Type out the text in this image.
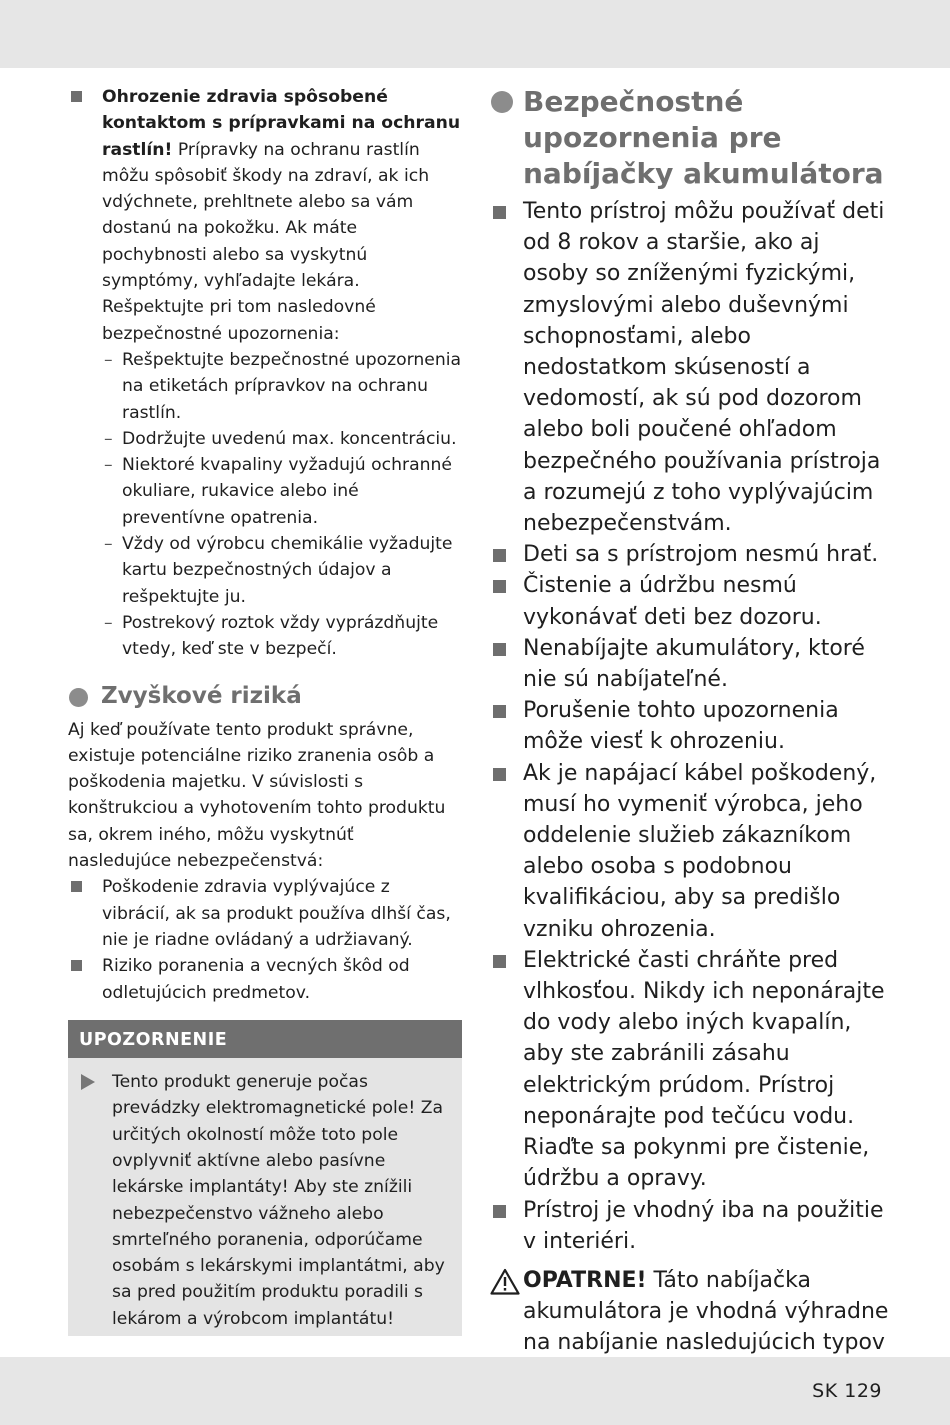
Ohrozenie zdravia spôsobené kontaktom s prípravkami na ochranu rastlín! Prípravky na ochranu rastlín môžu spôsobiť škody na zdraví, ak ich vdýchnete, prehltnete alebo sa vám dostanú na pokožku. Ak máte pochybnosti alebo sa vyskytnú symptómy, vyhľadajte lekára. Rešpektujte pri tom nasledovné bezpečnostné upozornenia:
– Rešpektujte bezpečnostné upozornenia na etiketách prípravkov na ochranu rastlín.
– Dodržujte uvedenú max. koncentráciu.
– Niektoré kvapaliny vyžadujú ochranné okuliare, rukavice alebo iné preventívne opatrenia.
– Vždy od výrobcu chemikálie vyžadujte kartu bezpečnostných údajov a rešpektujte ju.
– Postrekový roztok vždy vyprázdňujte vtedy, keď ste v bezpečí.
Zvyškové riziká
Aj keď používate tento produkt správne, existuje potenciálne riziko zranenia osôb a poškodenia majetku. V súvislosti s konštrukciou a vyhotovením tohto produktu sa, okrem iného, môžu vyskytnúť nasledujúce nebezpečenstvá:
Poškodenie zdravia vyplývajúce z vibrácií, ak sa produkt používa dlhší čas, nie je riadne ovládaný a udržiavaný.
Riziko poranenia a vecných škôd od odletujúcich predmetov.
UPOZORNENIE
Tento produkt generuje počas prevádzky elektromagnetické pole! Za určitých okolností môže toto pole ovplyvniť aktívne alebo pasívne lekárske implantáty! Aby ste znížili nebezpečenstvo vážneho alebo smrteľného poranenia, odporúčame osobám s lekárskymi implantátmi, aby sa pred použitím produktu poradili s lekárom a výrobcom implantátu!
Bezpečnostné upozornenia pre nabíjačky akumulátora
Tento prístroj môžu používať deti od 8 rokov a staršie, ako aj osoby so zníženými fyzickými, zmyslovými alebo duševnými schopnosťami, alebo nedostatkom skúseností a vedomostí, ak sú pod dozorom alebo boli poučené ohľadom bezpečného používania prístroja a rozumejú z toho vyplývajúcim nebezpečenstvám.
Deti sa s prístrojom nesmú hrať.
Čistenie a údržbu nesmú vykonávať deti bez dozoru.
Nenabíjajte akumulátory, ktoré nie sú nabíjateľné.
Porušenie tohto upozornenia môže viesť k ohrozeniu.
Ak je napájací kábel poškodený, musí ho vymeniť výrobca, jeho oddelenie služieb zákazníkom alebo osoba s podobnou kvalifikáciou, aby sa predišlo vzniku ohrozenia.
Elektrické časti chráňte pred vlhkosťou. Nikdy ich neponárajte do vody alebo iných kvapalín, aby ste zabránili zásahu elektrickým prúdom. Prístroj neponárajte pod tečúcu vodu. Riaďte sa pokynmi pre čistenie, údržbu a opravy.
Prístroj je vhodný iba na použitie v interiéri.
OPATRNE! Táto nabíjačka akumulátora je vhodná výhradne na nabíjanie nasledujúcich typov
SK 129
